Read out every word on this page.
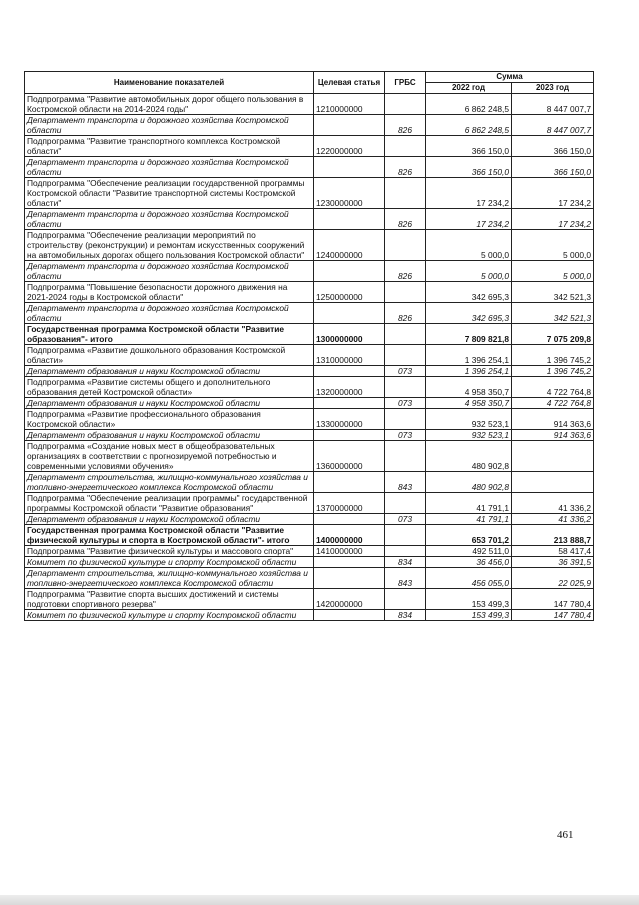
Наименование показателей	Целевая статья	ГРБС	Сумма	
			2022 год	2023 год
Подпрограмма "Развитие автомобильных дорог общего пользования в Костромской области на 2014-2024 годы"	1210000000		6 862 248,5	8 447 007,7
Департамент транспорта и дорожного хозяйства Костромской области		826	6 862 248,5	8 447 007,7
Подпрограмма "Развитие транспортного комплекса Костромской области"	1220000000		366 150,0	366 150,0
Департамент транспорта и дорожного хозяйства Костромской области		826	366 150,0	366 150,0
Подпрограмма "Обеспечение реализации государственной программы Костромской области "Развитие транспортной системы Костромской области"	1230000000		17 234,2	17 234,2
Департамент транспорта и дорожного хозяйства Костромской области		826	17 234,2	17 234,2
Подпрограмма "Обеспечение реализации мероприятий по строительству (реконструкции) и ремонтам искусственных сооружений на автомобильных дорогах общего пользования Костромской области"	1240000000		5 000,0	5 000,0
Департамент транспорта и дорожного хозяйства Костромской области		826	5 000,0	5 000,0
Подпрограмма "Повышение безопасности дорожного движения на 2021-2024 годы в Костромской области"	1250000000		342 695,3	342 521,3
Департамент транспорта и дорожного хозяйства Костромской области		826	342 695,3	342 521,3
Государственная программа Костромской области "Развитие образования"- итого	1300000000		7 809 821,8	7 075 209,8
Подпрограмма «Развитие дошкольного образования Костромской области»	1310000000		1 396 254,1	1 396 745,2
Департамент образования и науки Костромской области		073	1 396 254,1	1 396 745,2
Подпрограмма «Развитие системы общего и дополнительного образования детей Костромской области»	1320000000		4 958 350,7	4 722 764,8
Департамент образования и науки Костромской области		073	4 958 350,7	4 722 764,8
Подпрограмма «Развитие профессионального образования Костромской области»	1330000000		932 523,1	914 363,6
Департамент образования и науки Костромской области		073	932 523,1	914 363,6
Подпрограмма «Создание новых мест в общеобразовательных организациях в соответствии с прогнозируемой потребностью и современными условиями обучения»	1360000000		480 902,8	
Департамент строительства, жилищно-коммунального хозяйства и топливно-энергетического комплекса Костромской области		843	480 902,8	
Подпрограмма "Обеспечение реализации программы" государственной программы Костромской области "Развитие образования"	1370000000		41 791,1	41 336,2
Департамент образования и науки Костромской области		073	41 791,1	41 336,2
Государственная программа Костромской области "Развитие физической культуры и спорта в Костромской области"- итого	1400000000		653 701,2	213 888,7
Подпрограмма "Развитие физической культуры и массового спорта"	1410000000		492 511,0	58 417,4
Комитет по физической культуре и спорту Костромской области		834	36 456,0	36 391,5
Департамент строительства, жилищно-коммунального хозяйства и топливно-энергетического комплекса Костромской области		843	456 055,0	22 025,9
Подпрограмма "Развитие спорта высших достижений и системы подготовки спортивного резерва"	1420000000		153 499,3	147 780,4
Комитет по физической культуре и спорту Костромской области		834	153 499,3	147 780,4
461
